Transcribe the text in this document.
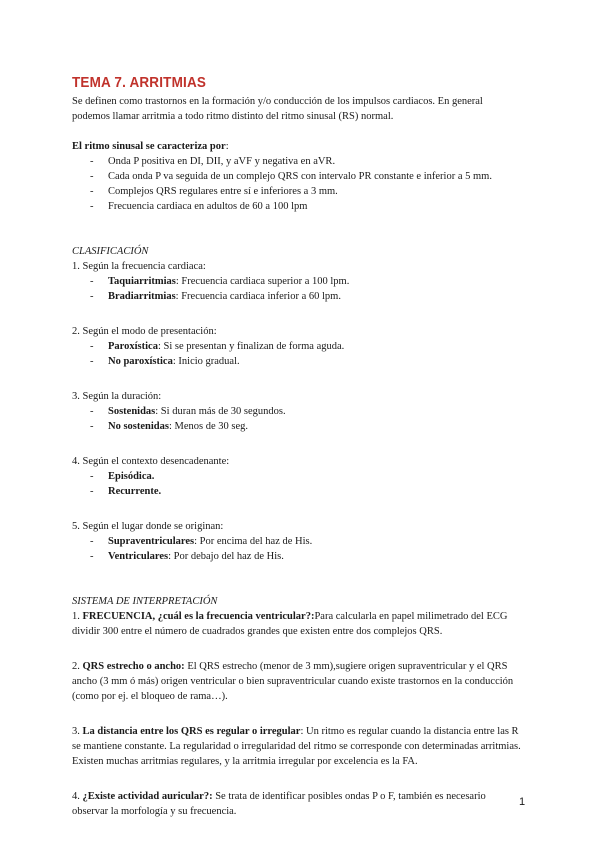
TEMA 7. ARRITMIAS

Se definen como trastornos en la formación y/o conducción de los impulsos cardiacos. En general podemos llamar arritmia a todo ritmo distinto del ritmo sinusal (RS) normal.

El ritmo sinusal se caracteriza por:

- Onda P positiva en DI, DII, y aVF y negativa en aVR.
- Cada onda P va seguida de un complejo QRS con intervalo PR constante e inferior a 5 mm.
- Complejos QRS regulares entre sí e inferiores a 3 mm.
- Frecuencia cardiaca en adultos de 60 a 100 lpm

CLASIFICACIÓN

1. Según la frecuencia cardiaca:

- Taquiarritmias: Frecuencia cardiaca superior a 100 lpm.
- Bradiarritmias: Frecuencia cardiaca inferior a 60 lpm.

2. Según el modo de presentación:

- Paroxística: Si se presentan y finalizan de forma aguda.
- No paroxística: Inicio gradual.

3. Según la duración:

- Sostenidas: Si duran más de 30 segundos.
- No sostenidas: Menos de 30 seg.

4. Según el contexto desencadenante:

- Episódica.
- Recurrente.

5. Según el lugar donde se originan:

- Supraventriculares: Por encima del haz de His.
- Ventriculares: Por debajo del haz de His.

SISTEMA DE INTERPRETACIÓN

1. FRECUENCIA, ¿cuál es la frecuencia ventricular?:Para calcularla en papel milimetrado del ECG dividir 300 entre el número de cuadrados grandes que existen entre dos complejos QRS.

2. QRS estrecho o ancho: El QRS estrecho (menor de 3 mm),sugiere origen supraventricular y el QRS ancho (3 mm ó más) origen ventricular o bien supraventricular cuando existe trastornos en la conducción (como por ej. el bloqueo de rama…).

3. La distancia entre los QRS es regular o irregular: Un ritmo es regular cuando la distancia entre las R se mantiene constante. La regularidad o irregularidad del ritmo se corresponde con determinadas arritmias. Existen muchas arritmias regulares, y la arritmia irregular por excelencia es la FA.

4. ¿Existe actividad auricular?: Se trata de identificar posibles ondas P o F, también es necesario observar la morfología y su frecuencia.

1
